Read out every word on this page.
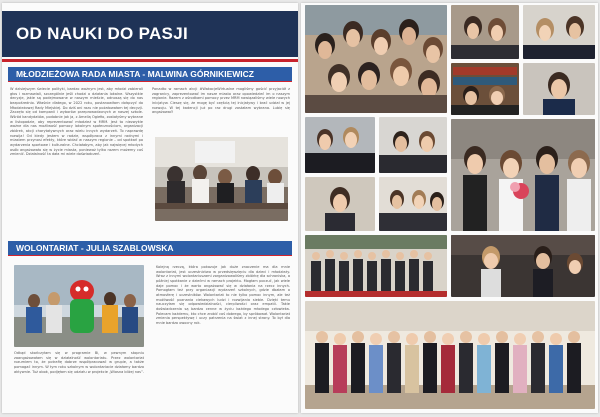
OD NAUKI DO PASJI
MŁODZIEŻOWA RADA MIASTA - MALWINA GÓRNIKIEWICZ

W dzisiejszym świecie polityki, bardzo ważnym jest, aby młodzi zabierali głos i rozmawiali, szczególnie jeśli chodzi o działania lokalne. Wszystkie decyzje, jakie są podejmowane w naszym mieście, odnoszą się do nas bezpośrednio. Właśnie dlatego, w 2022 roku, postanowiłam dołączyć do Młodzieżowej Rady Miejskiej. Do dziś ani razu nie pożałowałam tej decyzji. Zaczęło się od kampanii i wyborów przeprowadzonych w naszej szkole. Wśród kandydatów, podobnie jak ja, z Amelią Ogiełło, zostałyśmy wybrane w listopadzie, aby reprezentować młodzież w MRM. Jest to niezwykle ważne dla nas możliwość pomocy lokalnym społecznościom, organizacji zbiórek, akcji charytatywnych oraz wielu innych wydarzeń. To naprawdę rozwija! Od kiedy jestem w radzie, współpraca z innymi radnymi i miastem przynosi efekty, które widać w naszym regionie – od spotkań po wydarzenia sportowe i kulturalne. Chciałabym, aby jak najwięcej młodych osób angażowało się w życie miasta, ponieważ tylko razem możemy coś zmienić. Działalność ta dała mi wiele doświadczeń.

Ponadto w ramach akcji #WakacjeWirtualne mogliśmy gościć przyjaciół z zagranicy, zaprezentować im nasze miasto oraz opowiedzieć im o naszym regionie. Razem z ośrodkami pomocy przez MRM nawiązaliśmy wiele nowych inicjatyw. Cieszę się, że mogę być częścią tej inicjatywy i brać udział w jej rozwoju. W tej kadencji już po raz drugi zostałam wybrana. Lubię się angażować!

WOLONTARIAT - JULIA SZABLOWSKA

Odkąd skończyłam się w programie Bi, w pewnym stopniu zaangażowałam się w działalność wolontariatu. Przez wolontariat rozumiem to, że potrafię dobrze współpracować w grupie, a także pomagać innym. W tym roku szkolnym w wolontariacie działamy bardzo aktywnie. Tuż obok, podjęłam się udziału w projekcie „Wiosna bliżej nas”.

Kolejną rzeczą, która pokazuje jak duże znaczenie ma dla mnie wolontariat, jest uczestnictwo w przedsięwzięciu dla dzieci i młodzieży. Wraz z innymi wolontariuszami zorganizowaliśmy zbiórkę dla schroniska, a później spotkanie z dziećmi w ramach projektu. Mogłam poczuć, jak wiele daje pomoc i że warto angażować się w działania na rzecz innych. Pomogłam też przy organizacji wydarzeń szkolnych, gdzie dbałam o atmosferę i uczestników. Wolontariat to nie tylko pomoc innym, ale też możliwość poznania ciekawych ludzi i rozwijania siebie. Dzięki temu nauczyłam się odpowiedzialności, cierpliwości oraz empatii. Takie doświadczenia są bardzo cenne w życiu każdego młodego człowieka. Polecam każdemu, kto chce zrobić coś dobrego, by spróbował. Wolontariat zmienia perspektywę i uczy patrzenia na świat z innej strony. To był dla mnie bardzo owocny rok.
